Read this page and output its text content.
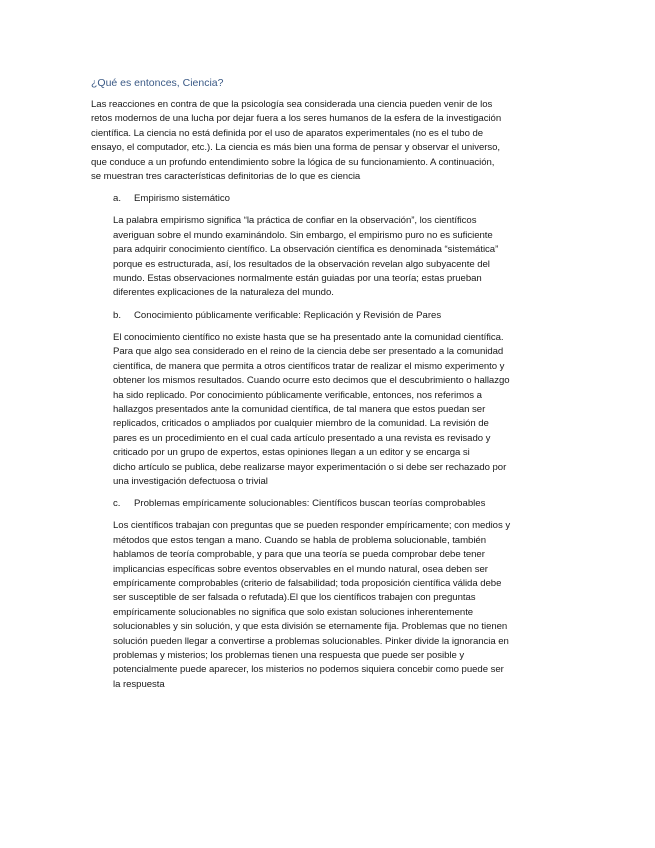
¿Qué es entonces, Ciencia?
Las reacciones en contra de que la psicología sea considerada una ciencia pueden venir de los
retos modernos de una lucha por dejar fuera a los seres humanos de la esfera de la investigación
científica. La ciencia no está definida por el uso de aparatos experimentales (no es el tubo de
ensayo, el computador, etc.). La ciencia es más bien una forma de pensar y observar el universo,
que conduce a un profundo entendimiento sobre la lógica de su funcionamiento. A continuación,
se muestran tres características definitorias de lo que es ciencia
a.	Empirismo sistemático
La palabra empirismo significa “la práctica de confiar en la observación”, los científicos
averiguan sobre el mundo examinándolo. Sin embargo, el empirismo puro no es suficiente
para adquirir conocimiento científico. La observación científica es denominada “sistemática”
porque es estructurada, así, los resultados de la observación revelan algo subyacente del
mundo. Estas observaciones normalmente están guiadas por una teoría; estas prueban
diferentes explicaciones de la naturaleza del mundo.
b.	Conocimiento públicamente verificable: Replicación y Revisión de Pares
El conocimiento científico no existe hasta que se ha presentado ante la comunidad científica.
Para que algo sea considerado en el reino de la ciencia debe ser presentado a la comunidad
científica, de manera que permita a otros científicos tratar de realizar el mismo experimento y
obtener los mismos resultados. Cuando ocurre esto decimos que el descubrimiento o hallazgo
ha sido replicado. Por conocimiento públicamente verificable, entonces, nos referimos a
hallazgos presentados ante la comunidad científica, de tal manera que estos puedan ser
replicados, criticados o ampliados por cualquier miembro de la comunidad. La revisión de
pares es un procedimiento en el cual cada artículo presentado a una revista es revisado y
criticado por un grupo de expertos, estas opiniones llegan a un editor y se encarga si
dicho artículo se publica, debe realizarse mayor experimentación o si debe ser rechazado por
una investigación defectuosa o trivial
c.	Problemas empíricamente solucionables: Científicos buscan teorías comprobables
Los científicos trabajan con preguntas que se pueden responder empíricamente; con medios y
métodos que estos tengan a mano. Cuando se habla de problema solucionable, también
hablamos de teoría comprobable, y para que una teoría se pueda comprobar debe tener
implicancias específicas sobre eventos observables en el mundo natural, osea deben ser
empíricamente comprobables (criterio de falsabilidad; toda proposición científica válida debe
ser susceptible de ser falsada o refutada).El que los científicos trabajen con preguntas
empíricamente solucionables no significa que solo existan soluciones inherentemente
solucionables y sin solución, y que esta división se eternamente fija. Problemas que no tienen
solución pueden llegar a convertirse a problemas solucionables. Pinker divide la ignorancia en
problemas y misterios; los problemas tienen una respuesta que puede ser posible y
potencialmente puede aparecer, los misterios no podemos siquiera concebir como puede ser
la respuesta
